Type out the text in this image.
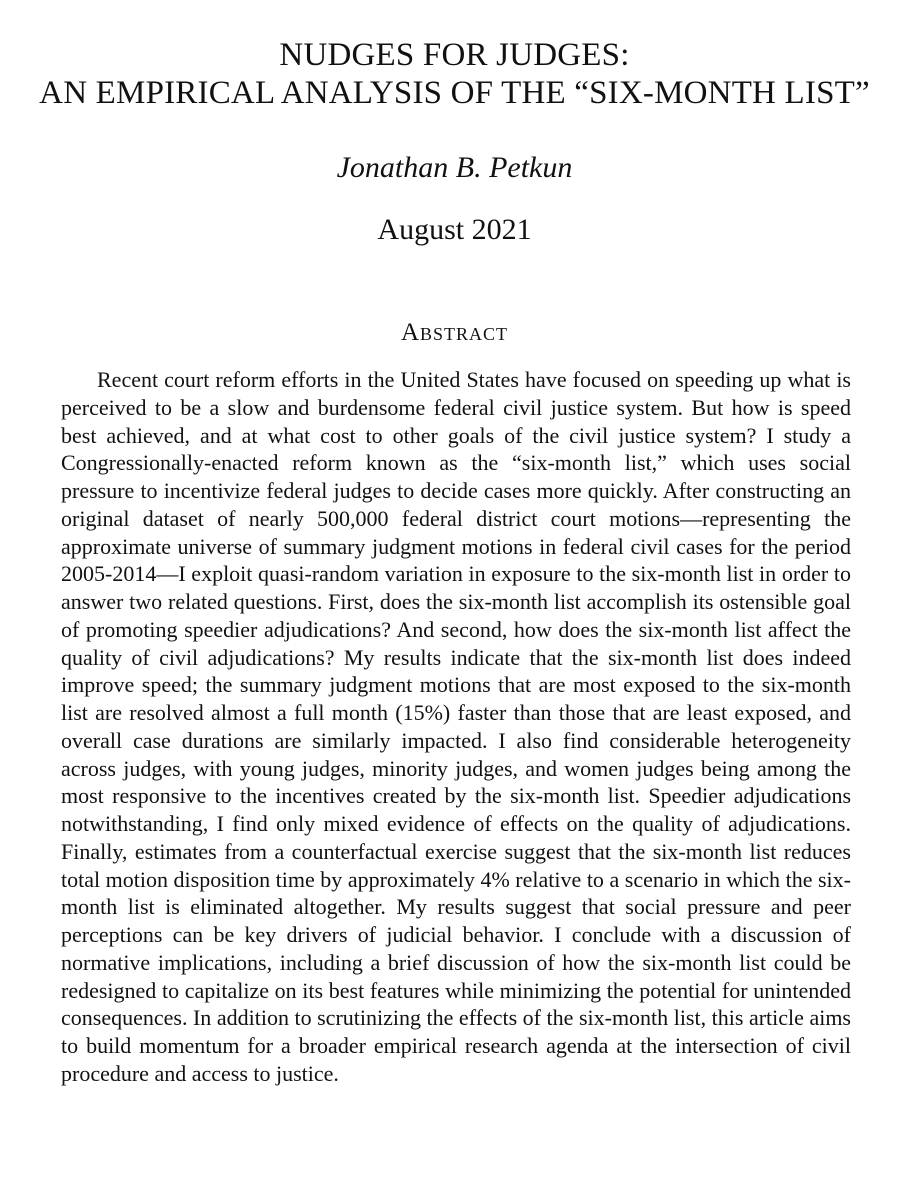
NUDGES FOR JUDGES:
AN EMPIRICAL ANALYSIS OF THE “SIX-MONTH LIST”
Jonathan B. Petkun
August 2021
Abstract

Recent court reform efforts in the United States have focused on speeding up what is perceived to be a slow and burdensome federal civil justice system. But how is speed best achieved, and at what cost to other goals of the civil justice system? I study a Congressionally-enacted reform known as the “six-month list,” which uses social pressure to incentivize federal judges to decide cases more quickly. After constructing an original dataset of nearly 500,000 federal district court motions—representing the approximate universe of summary judgment motions in federal civil cases for the period 2005-2014—I exploit quasi-random variation in exposure to the six-month list in order to answer two related questions. First, does the six-month list accomplish its ostensible goal of promoting speedier adjudications? And second, how does the six-month list affect the quality of civil adjudications? My results indicate that the six-month list does indeed improve speed; the summary judgment motions that are most exposed to the six-month list are resolved almost a full month (15%) faster than those that are least exposed, and overall case durations are similarly impacted. I also find considerable heterogeneity across judges, with young judges, minority judges, and women judges being among the most responsive to the incentives created by the six-month list. Speedier adjudications notwithstanding, I find only mixed evidence of effects on the quality of adjudications. Finally, estimates from a counterfactual exercise suggest that the six-month list reduces total motion disposition time by approximately 4% relative to a scenario in which the six-month list is eliminated altogether. My results suggest that social pressure and peer perceptions can be key drivers of judicial behavior. I conclude with a discussion of normative implications, including a brief discussion of how the six-month list could be redesigned to capitalize on its best features while minimizing the potential for unintended consequences. In addition to scrutinizing the effects of the six-month list, this article aims to build momentum for a broader empirical research agenda at the intersection of civil procedure and access to justice.
